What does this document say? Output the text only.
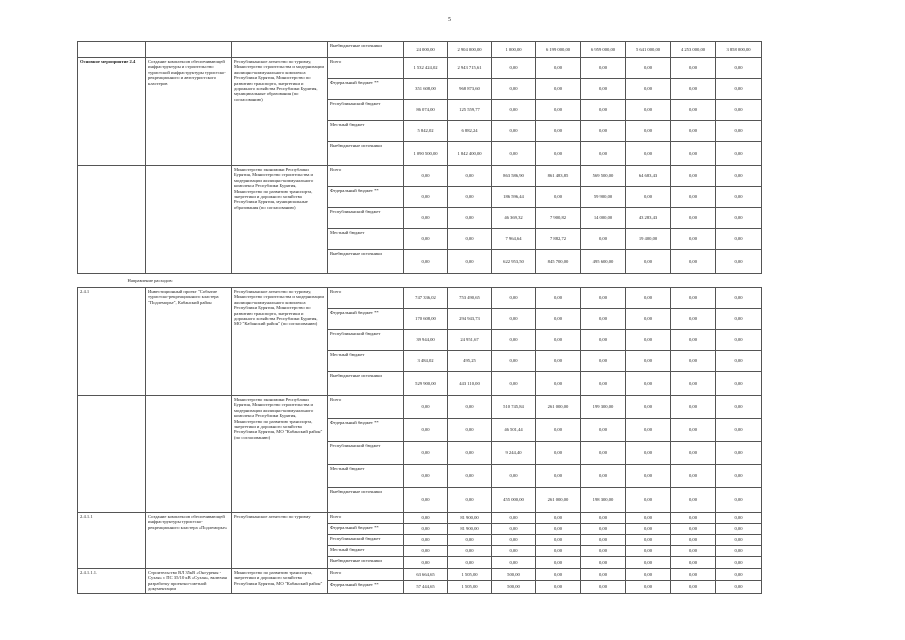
5
			Внебюджетные источники	24 000,00	2 904 000,00	1 000,00	6 199 000,00	6 959 000,00	5 641 000,00	4 253 000,00	3 858 000,00
Основное мероприятие 2.4	Создание комплексов обеспечивающей инфраструктуры и строительство туристской инфраструктуры туристско-рекреационного и автотуристского кластеров	Республиканское агентство по туризму, Министерство строительства и модернизации жилищно-коммунального комплекса Республики Бурятия, Министерство по развитию транспорта, энергетики и дорожного хозяйства Республики Бурятия, муниципальные образования (по согласованию)	Всего	1 532 424,02	2 943 715,61	0,00	0,00	0,00	0,00	0,00	0,00
			Федеральный бюджет **	351 608,00	968 873,60	0,00	0,00	0,00	0,00	0,00	0,00
			Республиканский бюджет	86 074,00	125 559,77	0,00	0,00	0,00	0,00	0,00	0,00
			Местный бюджет	5 842,02	6 882,24	0,00	0,00	0,00	0,00	0,00	0,00
			Внебюджетные источники	1 090 500,00	1 842 400,00	0,00	0,00	0,00	0,00	0,00	0,00
		Министерство экономики Республики Бурятия, Министерство строительства и модернизации жилищно-коммунального комплекса Республики Бурятия, Министерство по развитию транспорта, энергетики и дорожного хозяйства Республики Бурятия, муниципальные образования (по согласованию)	Всего	0,00	0,00	863 586,90	861 483,85	569 500,00	64 683,43	0,00	0,00
			Федеральный бюджет **	0,00	0,00	186 596,44	0,00	59 900,00	0,00	0,00	0,00
			Республиканский бюджет	0,00	0,00	46 369,32	7 900,82	14 000,00	43 283,43	0,00	0,00
			Местный бюджет	0,00	0,00	7 964,64	7 882,72	0,00	19 400,00	0,00	0,00
			Внебюджетные источники	0,00	0,00	622 953,50	845 700,00	495 600,00	0,00	0,00	0,00
Направление расходов:											
2.4.1	Инвестиционный проект "Событие туристско-рекреационного кластера "Подлеморье", Кабанский район	Республиканское агентство по туризму, Министерство строительства и модернизации жилищно-коммунального комплекса Республики Бурятия, Министерство по развитию транспорта, энергетики и дорожного хозяйства Республики Бурятия, МО "Кабанский район" (по согласованию)	Всего	747 336,02	753 490,65	0,00	0,00	0,00	0,00	0,00	0,00
			Федеральный бюджет **	170 608,00	294 943,73	0,00	0,00	0,00	0,00	0,00	0,00
			Республиканский бюджет	39 944,00	24 951,67	0,00	0,00	0,00	0,00	0,00	0,00
			Местный бюджет	3 484,02	495,25	0,00	0,00	0,00	0,00	0,00	0,00
			Внебюджетные источники	529 900,00	443 110,00	0,00	0,00	0,00	0,00	0,00	0,00
		Министерство экономики Республики Бурятия, Министерство строительства и модернизации жилищно-коммунального комплекса Республики Бурятия, Министерство по развитию транспорта, энергетики и дорожного хозяйства Республики Бурятия, МО "Кабанский район" (по согласованию)	Всего	0,00	0,00	510 745,84	261 000,00	199 300,00	0,00	0,00	0,00
			Федеральный бюджет **	0,00	0,00	46 501,44	0,00	0,00	0,00	0,00	0,00
			Республиканский бюджет	0,00	0,00	9 244,40	0,00	0,00	0,00	0,00	0,00
			Местный бюджет	0,00	0,00	0,00	0,00	0,00	0,00	0,00	0,00
			Внебюджетные источники	0,00	0,00	455 000,00	261 000,00	198 300,00	0,00	0,00	0,00
2.4.1.1	Создание комплексов обеспечивающей инфраструктуры туристско-рекреационного кластера «Подлеморье»	Республиканское агентство по туризму	Всего	0,00	81 900,00	0,00	0,00	0,00	0,00	0,00	0,00
			Федеральный бюджет **	0,00	81 900,00	0,00	0,00	0,00	0,00	0,00	0,00
			Республиканский бюджет	0,00	0,00	0,00	0,00	0,00	0,00	0,00	0,00
			Местный бюджет	0,00	0,00	0,00	0,00	0,00	0,00	0,00	0,00
			Внебюджетные источники	0,00	0,00	0,00	0,00	0,00	0,00	0,00	0,00
2.4.1.1.1.	Строительство ВЛ 35кВ «Онгурены - Сухая» с ПС 35/10 кВ «Сухая», включая разработку проектно-сметной документации	Министерство по развитию транспорта, энергетики и дорожного хозяйства Республики Бурятия, МО "Кабанский район"	Всего	63 664,65	1 505,00	500,00	0,00	0,00	0,00	0,00	0,00
			Федеральный бюджет **	57 444,65	1 505,00	500,00	0,00	0,00	0,00	0,00	0,00
